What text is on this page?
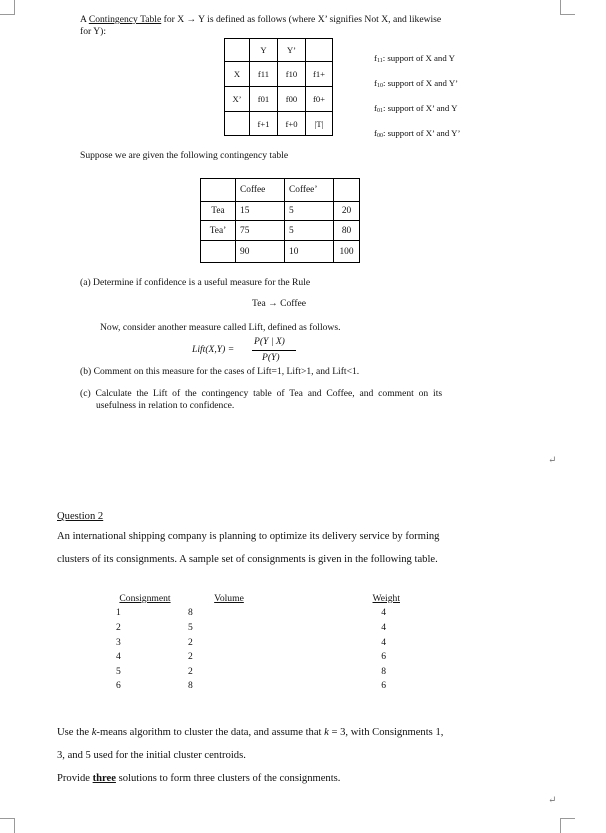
A Contingency Table for X → Y is defined as follows (where X’ signifies Not X, and likewise
for Y):
	Y	Y’	
X	f11	f10	f1+
X’	f01	f00	f0+
	f+1	f+0	|T|
$f_{11}$: support of X and Y
$f_{10}$: support of X and Y’
$f_{01}$: support of X’ and Y
$f_{00}$: support of X’ and Y’
Suppose we are given the following contingency table
	Coffee	Coffee’	
Tea	15	5	20
Tea’	75	5	80
	90	10	100
(a) Determine if confidence is a useful measure for the Rule
Tea → Coffee
Now, consider another measure called Lift, defined as follows.
Lift(X,Y) =
P(Y | X)
P(Y)
(b) Comment on this measure for the cases of Lift=1, Lift>1, and Lift<1.
(c)  Calculate  the  Lift  of  the  contingency  table  of  Tea  and  Coffee,  and  comment  on  its
usefulness in relation to confidence.
↵
Question 2
An international shipping company is planning to optimize its delivery service by forming
clusters of its consignments. A sample set of consignments is given in the following table.
Consignment	Volume	Weight
1	8	4
2	5	4
3	2	4
4	2	6
5	2	8
6	8	6
Use the k-means algorithm to cluster the data, and assume that k = 3, with Consignments 1,
3, and 5 used for the initial cluster centroids.
Provide three solutions to form three clusters of the consignments.
↵
